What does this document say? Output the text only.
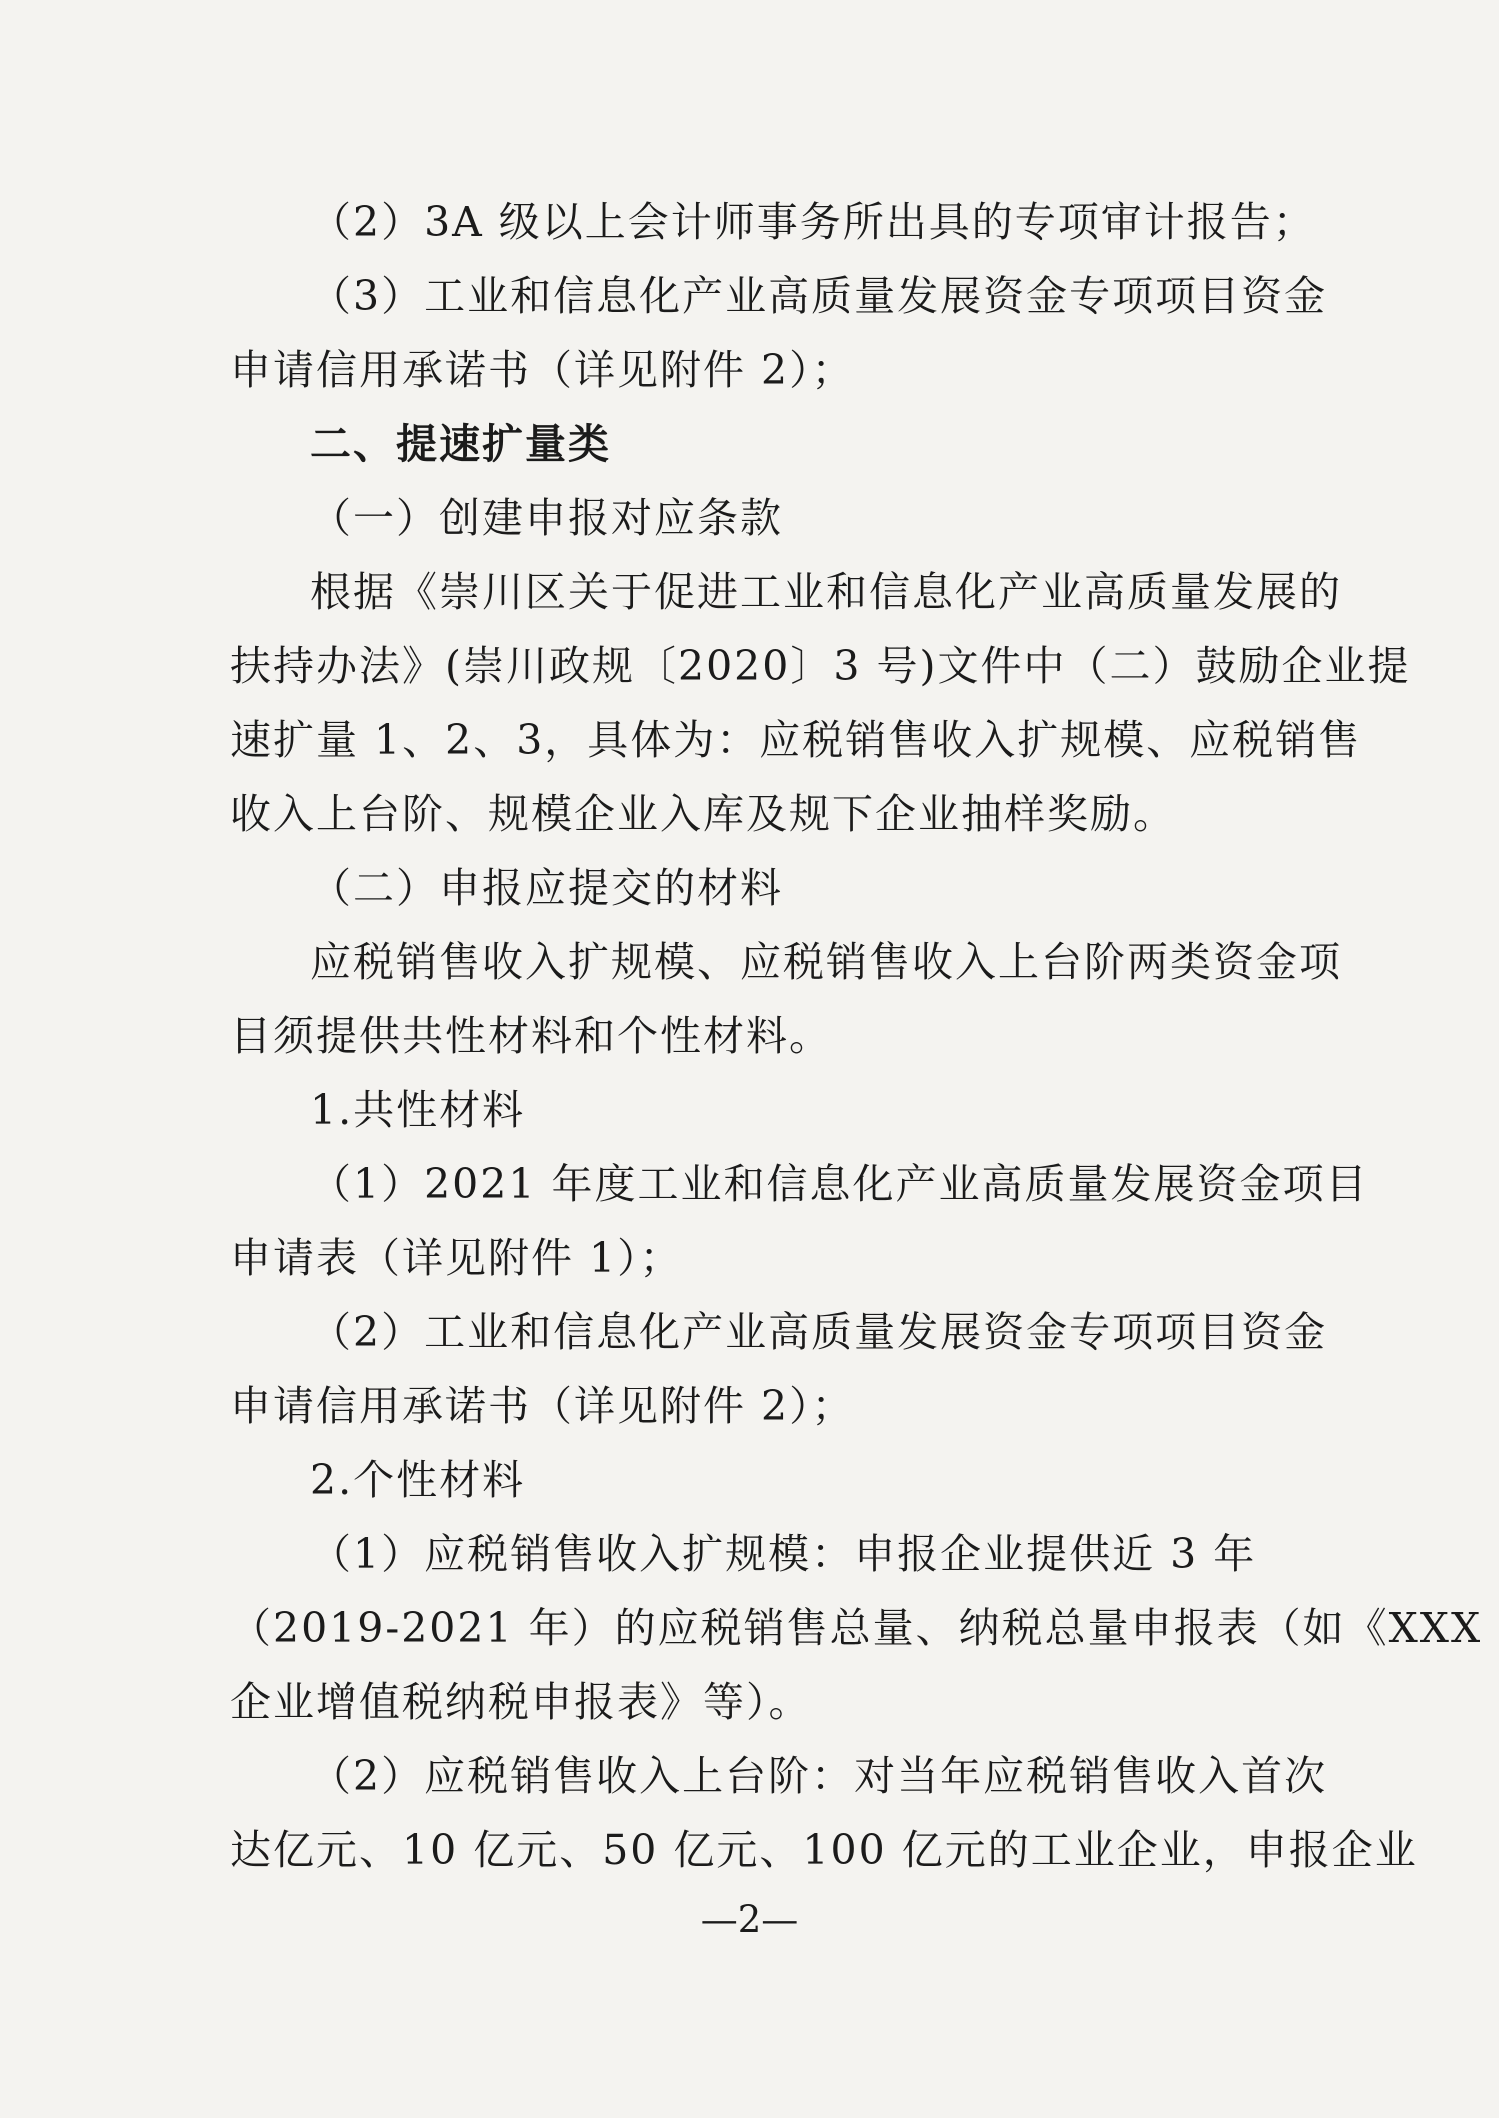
（2）3A 级以上会计师事务所出具的专项审计报告；
（3）工业和信息化产业高质量发展资金专项项目资金
申请信用承诺书（详见附件 2）；
二、提速扩量类
（一）创建申报对应条款
根据《崇川区关于促进工业和信息化产业高质量发展的
扶持办法》(崇川政规〔2020〕3 号)文件中（二）鼓励企业提
速扩量 1、2、3，具体为：应税销售收入扩规模、应税销售
收入上台阶、规模企业入库及规下企业抽样奖励。
（二）申报应提交的材料
应税销售收入扩规模、应税销售收入上台阶两类资金项
目须提供共性材料和个性材料。
1.共性材料
（1）2021 年度工业和信息化产业高质量发展资金项目
申请表（详见附件 1）；
（2）工业和信息化产业高质量发展资金专项项目资金
申请信用承诺书（详见附件 2）；
2.个性材料
（1）应税销售收入扩规模：申报企业提供近 3 年
（2019-2021 年）的应税销售总量、纳税总量申报表（如《XXX
企业增值税纳税申报表》等）。
（2）应税销售收入上台阶：对当年应税销售收入首次
达亿元、10 亿元、50 亿元、100 亿元的工业企业，申报企业
—2—
